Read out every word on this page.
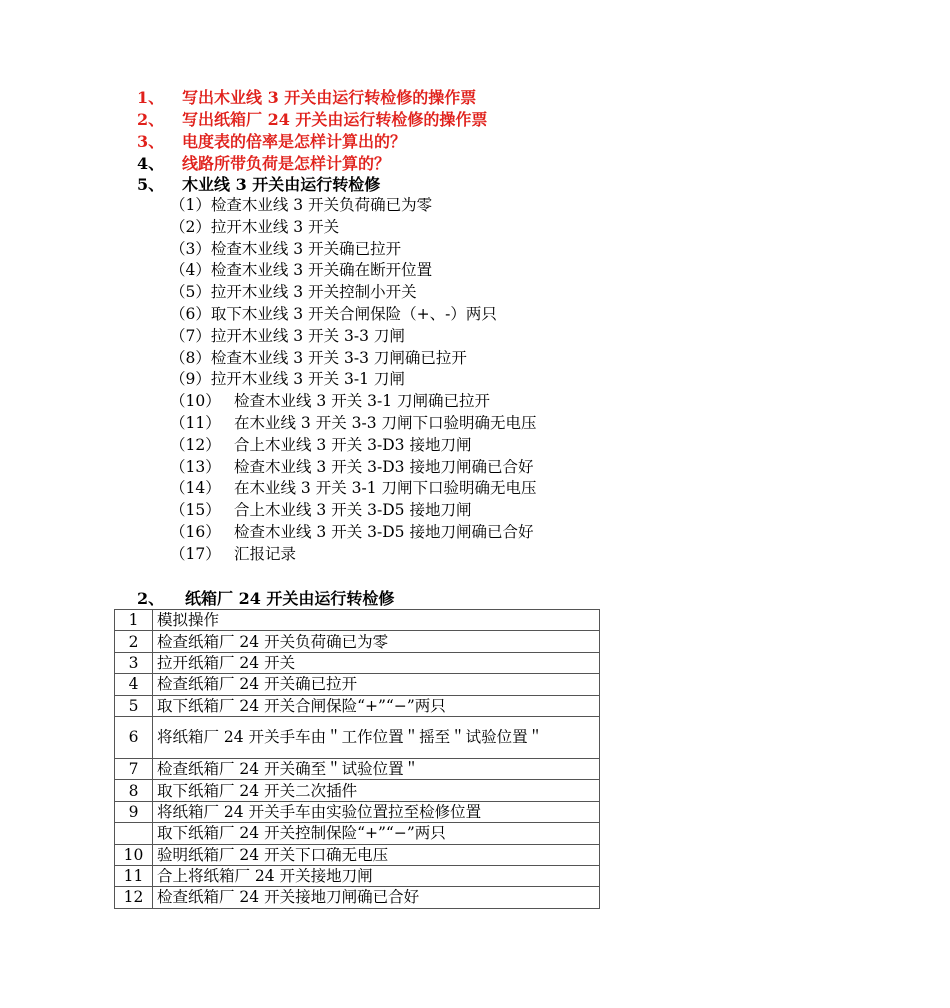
1、 写出木业线 3 开关由运行转检修的操作票
2、 写出纸箱厂 24 开关由运行转检修的操作票
3、 电度表的倍率是怎样计算出的？
4、 线路所带负荷是怎样计算的？
5、 木业线 3 开关由运行转检修
（1）检查木业线 3 开关负荷确已为零
（2）拉开木业线 3 开关
（3）检查木业线 3 开关确已拉开
（4）检查木业线 3 开关确在断开位置
（5）拉开木业线 3 开关控制小开关
（6）取下木业线 3 开关合闸保险（+、-）两只
（7）拉开木业线 3 开关 3-3 刀闸
（8）检查木业线 3 开关 3-3 刀闸确已拉开
（9）拉开木业线 3 开关 3-1 刀闸
（10） 检查木业线 3 开关 3-1 刀闸确已拉开
（11） 在木业线 3 开关 3-3 刀闸下口验明确无电压
（12） 合上木业线 3 开关 3-D3 接地刀闸
（13） 检查木业线 3 开关 3-D3 接地刀闸确已合好
（14） 在木业线 3 开关 3-1 刀闸下口验明确无电压
（15） 合上木业线 3 开关 3-D5 接地刀闸
（16） 检查木业线 3 开关 3-D5 接地刀闸确已合好
（17） 汇报记录
2、 纸箱厂 24 开关由运行转检修
1	模拟操作
2	检查纸箱厂 24 开关负荷确已为零
3	拉开纸箱厂 24 开关
4	检查纸箱厂 24 开关确已拉开
5	取下纸箱厂 24 开关合闸保险“+”“−”两只
6	将纸箱厂 24 开关手车由＂工作位置＂摇至＂试验位置＂
7	检查纸箱厂 24 开关确至＂试验位置＂
8	取下纸箱厂 24 开关二次插件
9	将纸箱厂 24 开关手车由实验位置拉至检修位置
	取下纸箱厂 24 开关控制保险“+”“−”两只
10	验明纸箱厂 24 开关下口确无电压
11	合上将纸箱厂 24 开关接地刀闸
12	检查纸箱厂 24 开关接地刀闸确已合好
